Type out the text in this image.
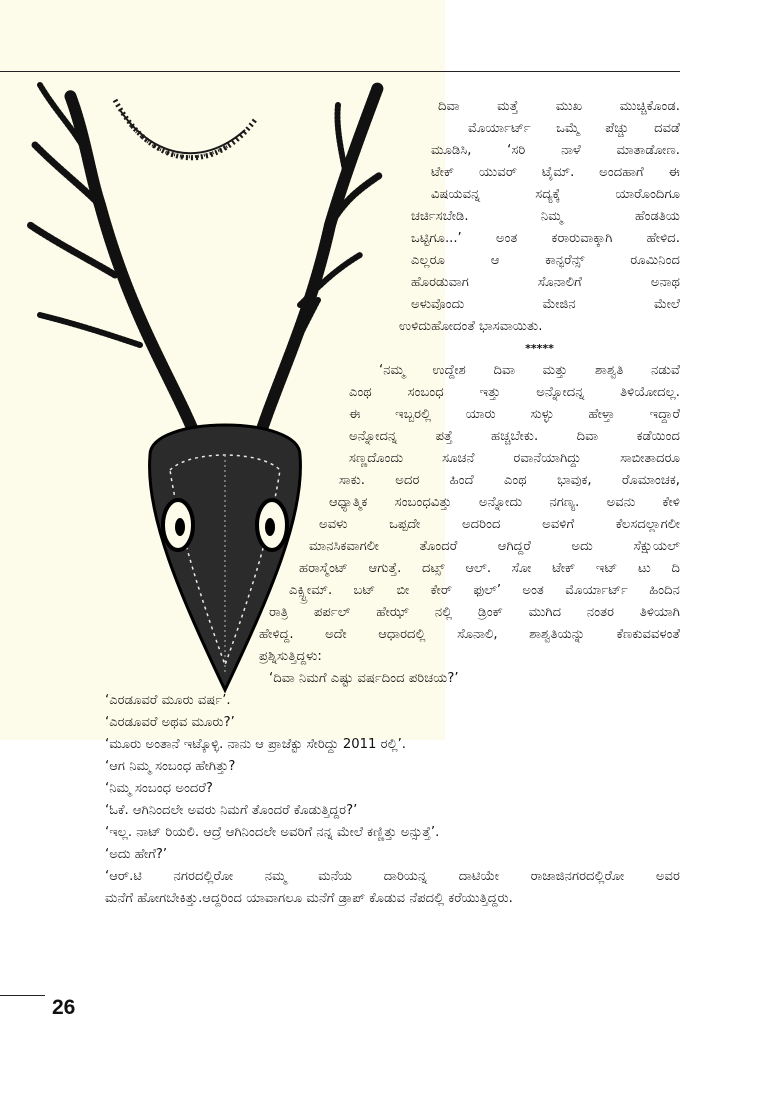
ದಿವಾ ಮತ್ತೆ ಮುಖ ಮುಚ್ಚಿಕೊಂಡ.
ಮೊರ್ಯಾರ್ಟ್ ಒಮ್ಮೆ ಪೆಚ್ಚು ದವಡೆ
ಮೂಡಿಸಿ, ‘ಸರಿ ನಾಳೆ ಮಾತಾಡೋಣ.
ಟೇಕ್ ಯುವರ್ ಟೈಮ್. ಅಂದಹಾಗೆ ಈ
ವಿಷಯವನ್ನ ಸದ್ಯಕ್ಕೆ ಯಾರೊಂದಿಗೂ
ಚರ್ಚಿಸಬೇಡಿ. ನಿಮ್ಮ ಹೆಂಡತಿಯ
ಒಟ್ಟಿಗೂ...’ ಅಂತ ಕರಾರುವಾಕ್ಕಾಗಿ ಹೇಳಿದ.
ಎಲ್ಲರೂ ಆ ಕಾನ್ಫರೆನ್ಸ್ ರೂಮಿನಿಂದ
ಹೊರಡುವಾಗ ಸೊನಾಲಿಗೆ ಅನಾಥ
ಅಳುವೊಂದು ಮೇಜಿನ ಮೇಲೆ
ಉಳಿದುಹೋದಂತೆ ಭಾಸವಾಯಿತು.
*****
‘ನಮ್ಮ ಉದ್ದೇಶ ದಿವಾ ಮತ್ತು ಶಾಶ್ವತಿ ನಡುವೆ
ಎಂಥ ಸಂಬಂಧ ಇತ್ತು ಅನ್ನೋದನ್ನ ತಿಳಿಯೋದಲ್ಲ.
ಈ ಇಬ್ಬರಲ್ಲಿ ಯಾರು ಸುಳ್ಳು ಹೇಳ್ತಾ ಇದ್ದಾರೆ
ಅನ್ನೋದನ್ನ ಪತ್ತೆ ಹಚ್ಚಬೇಕು. ದಿವಾ ಕಡೆಯಿಂದ
ಸಣ್ಣದೊಂದು ಸೂಚನೆ ರವಾನೆಯಾಗಿದ್ದು ಸಾಬೀತಾದರೂ
ಸಾಕು. ಅದರ ಹಿಂದೆ ಎಂಥ ಭಾವುಕ, ರೊಮಾಂಚಕ,
ಆಧ್ಯಾತ್ಮಿಕ ಸಂಬಂಧವಿತ್ತು ಅನ್ನೋದು ನಗಣ್ಯ. ಅವನು ಕೇಳಿ
ಅವಳು ಒಪ್ಪದೇ ಅದರಿಂದ ಅವಳಿಗೆ ಕೆಲಸದಲ್ಲಾಗಲೀ
ಮಾನಸಿಕವಾಗಲೀ ತೊಂದರೆ ಆಗಿದ್ದರೆ ಅದು ಸೆಕ್ಷುಯಲ್
ಹರಾಸ್ಮೆಂಟ್ ಆಗುತ್ತೆ. ದಟ್ಸ್ ಆಲ್. ಸೋ ಟೇಕ್ ಇಟ್ ಟು ದಿ
ಎಕ್ಸ್ಟ್ರೀಮ್. ಬಟ್ ಬೀ ಕೇರ್ ಫುಲ್’ ಅಂತ ಮೊರ್ಯಾರ್ಟ್ ಹಿಂದಿನ
ರಾತ್ರಿ ಪರ್ಪಲ್ ಹೇಝ್ ನಲ್ಲಿ ಡ್ರಿಂಕ್ ಮುಗಿದ ನಂತರ ತಿಳಿಯಾಗಿ
ಹೇಳಿದ್ದ. ಅದೇ ಆಧಾರದಲ್ಲಿ ಸೊನಾಲಿ, ಶಾಶ್ವತಿಯನ್ನು ಕೆಣಕುವವಳಂತೆ
ಪ್ರಶ್ನಿಸುತ್ತಿದ್ದಳು:
‘ದಿವಾ ನಿಮಗೆ ಎಷ್ಟು ವರ್ಷದಿಂದ ಪರಿಚಯ?’
‘ಎರಡೂವರೆ ಮೂರು ವರ್ಷ’.
‘ಎರಡೂವರೆ ಅಥವ ಮೂರು?’
‘ಮೂರು ಅಂತಾನೆ ಇಟ್ಕೊಳ್ಳಿ. ನಾನು ಆ ಪ್ರಾಜೆಕ್ಟು ಸೇರಿದ್ದು 2011 ರಲ್ಲಿ’.
‘ಆಗ ನಿಮ್ಮ ಸಂಬಂಧ ಹೇಗಿತ್ತು?
‘ನಿಮ್ಮ ಸಂಬಂಧ ಅಂದರೆ?
‘ಓಕೆ. ಆಗಿನಿಂದಲೇ ಅವರು ನಿಮಗೆ ತೊಂದರೆ ಕೊಡುತ್ತಿದ್ದರ?’
‘ಇಲ್ಲ. ನಾಟ್ ರಿಯಲಿ. ಆದ್ರೆ ಆಗಿನಿಂದಲೇ ಅವರಿಗೆ ನನ್ನ ಮೇಲೆ ಕಣ್ಣಿತ್ತು ಅನ್ಸುತ್ತೆ’.
‘ಅದು ಹೇಗೆ?’
‘ಆರ್.ಟಿ ನಗರದಲ್ಲಿರೋ ನಮ್ಮ ಮನೆಯ ದಾರಿಯನ್ನ ದಾಟಿಯೇ ರಾಜಾಜಿನಗರದಲ್ಲಿರೋ ಅವರ
ಮನೆಗೆ ಹೋಗಬೇಕಿತ್ತು.ಆದ್ದರಿಂದ ಯಾವಾಗಲೂ ಮನೆಗೆ ಡ್ರಾಪ್ ಕೊಡುವ ನೆಪದಲ್ಲಿ ಕರೆಯುತ್ತಿದ್ದರು.
26
